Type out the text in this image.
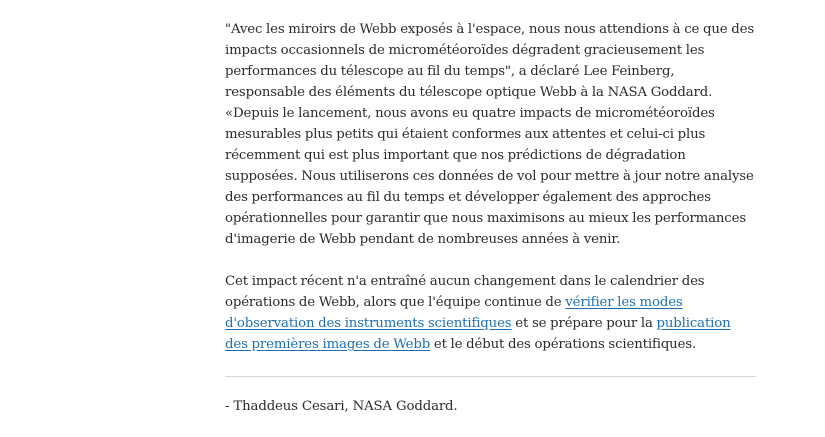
"Avec les miroirs de Webb exposés à l'espace, nous nous attendions à ce que des impacts occasionnels de micrométéoroïdes dégradent gracieusement les performances du télescope au fil du temps", a déclaré Lee Feinberg, responsable des éléments du télescope optique Webb à la NASA Goddard. «Depuis le lancement, nous avons eu quatre impacts de micrométéoroïdes mesurables plus petits qui étaient conformes aux attentes et celui-ci plus récemment qui est plus important que nos prédictions de dégradation supposées. Nous utiliserons ces données de vol pour mettre à jour notre analyse des performances au fil du temps et développer également des approches opérationnelles pour garantir que nous maximisons au mieux les performances d'imagerie de Webb pendant de nombreuses années à venir.

Cet impact récent n'a entraîné aucun changement dans le calendrier des opérations de Webb, alors que l'équipe continue de vérifier les modes d'observation des instruments scientifiques et se prépare pour la publication des premières images de Webb et le début des opérations scientifiques.

- Thaddeus Cesari, NASA Goddard.
